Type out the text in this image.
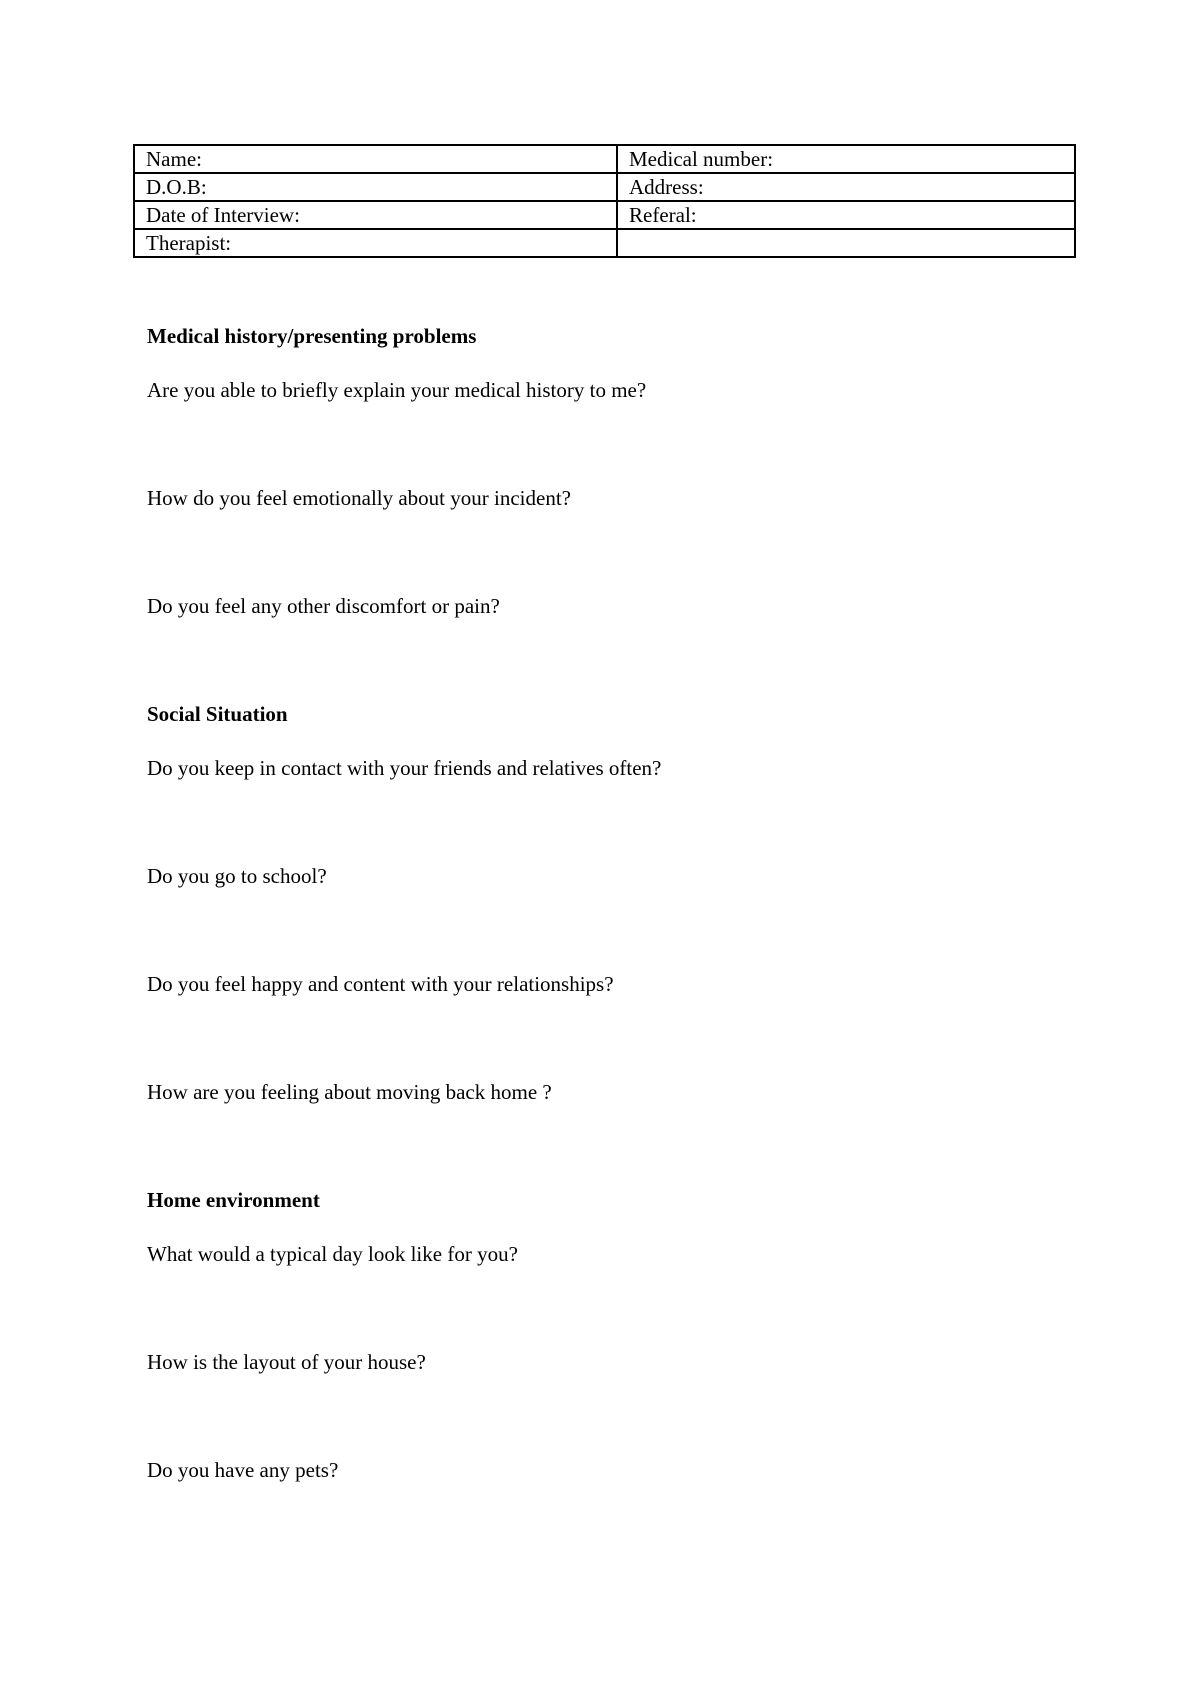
Name:	Medical number:
D.O.B:	Address:
Date of Interview:	Referal:
Therapist:	
Medical history/presenting problems
Are you able to briefly explain your medical history to me?
How do you feel emotionally about your incident?
Do you feel any other discomfort or pain?
Social Situation
Do you keep in contact with your friends and relatives often?
Do you go to school?
Do you feel happy and content with your relationships?
How are you feeling about moving back home ?
Home environment
What would a typical day look like for you?
How is the layout of your house?
Do you have any pets?
